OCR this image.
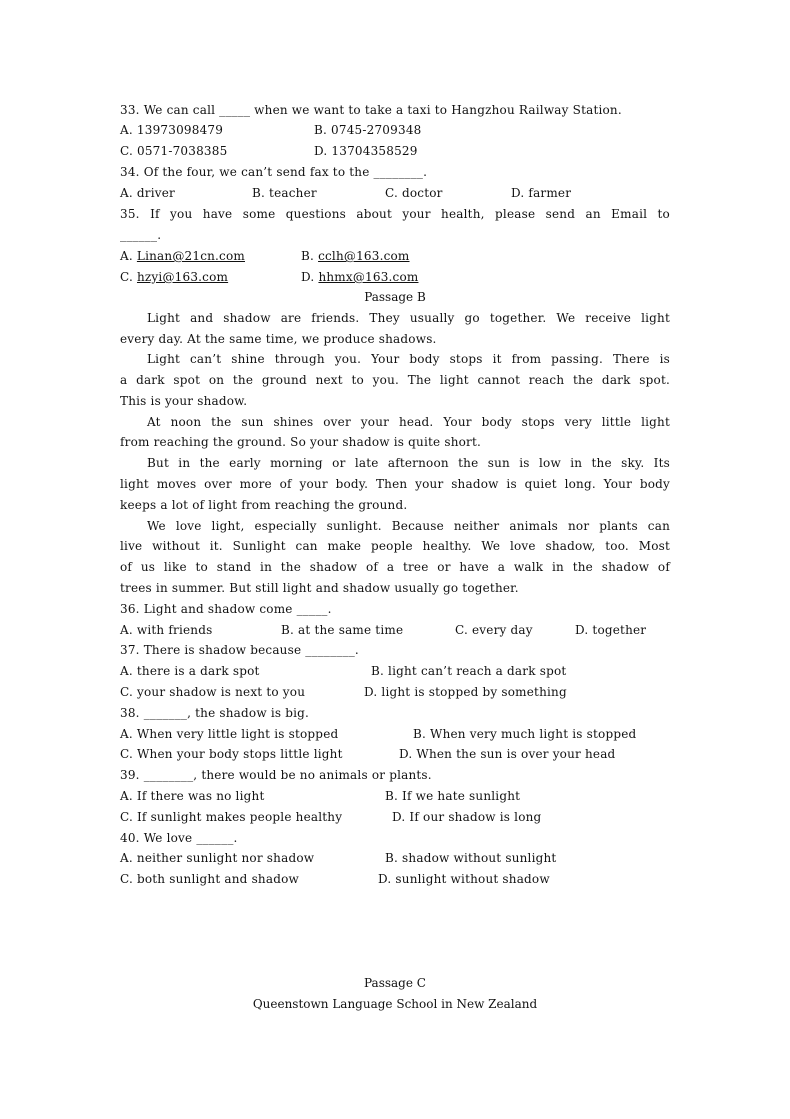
33. We can call _____ when we want to take a taxi to Hangzhou Railway Station.
A. 13973098479	B. 0745-2709348
C. 0571-7038385	D. 13704358529
34. Of the four, we can’t send fax to the ________.
A. driver	B. teacher	C. doctor	D. farmer
35. If you have some questions about your health, please send an Email to
______.
A. Linan@21cn.com	B. cclh@163.com
C. hzyi@163.com	D. hhmx@163.com
Passage B
Light and shadow are friends. They usually go together. We receive light
every day. At the same time, we produce shadows.
Light can’t shine through you. Your body stops it from passing. There is
a dark spot on the ground next to you. The light cannot reach the dark spot.
This is your shadow.
At noon the sun shines over your head. Your body stops very little light
from reaching the ground. So your shadow is quite short.
But in the early morning or late afternoon the sun is low in the sky. Its
light moves over more of your body. Then your shadow is quiet long. Your body
keeps a lot of light from reaching the ground.
We love light, especially sunlight. Because neither animals nor plants can
live without it. Sunlight can make people healthy. We love shadow, too. Most
of us like to stand in the shadow of a tree or have a walk in the shadow of
trees in summer. But still light and shadow usually go together.
36. Light and shadow come _____.
A. with friends	B. at the same time	C. every day	D. together
37. There is shadow because ________.
A. there is a dark spot	B. light can’t reach a dark spot
C. your shadow is next to you	D. light is stopped by something
38. _______, the shadow is big.
A. When very little light is stopped	B. When very much light is stopped
C. When your body stops little light	D. When the sun is over your head
39. ________, there would be no animals or plants.
A. If there was no light	B. If we hate sunlight
C. If sunlight makes people healthy	D. If our shadow is long
40. We love ______.
A. neither sunlight nor shadow	B. shadow without sunlight
C. both sunlight and shadow	D. sunlight without shadow
Passage C
Queenstown Language School in New Zealand
